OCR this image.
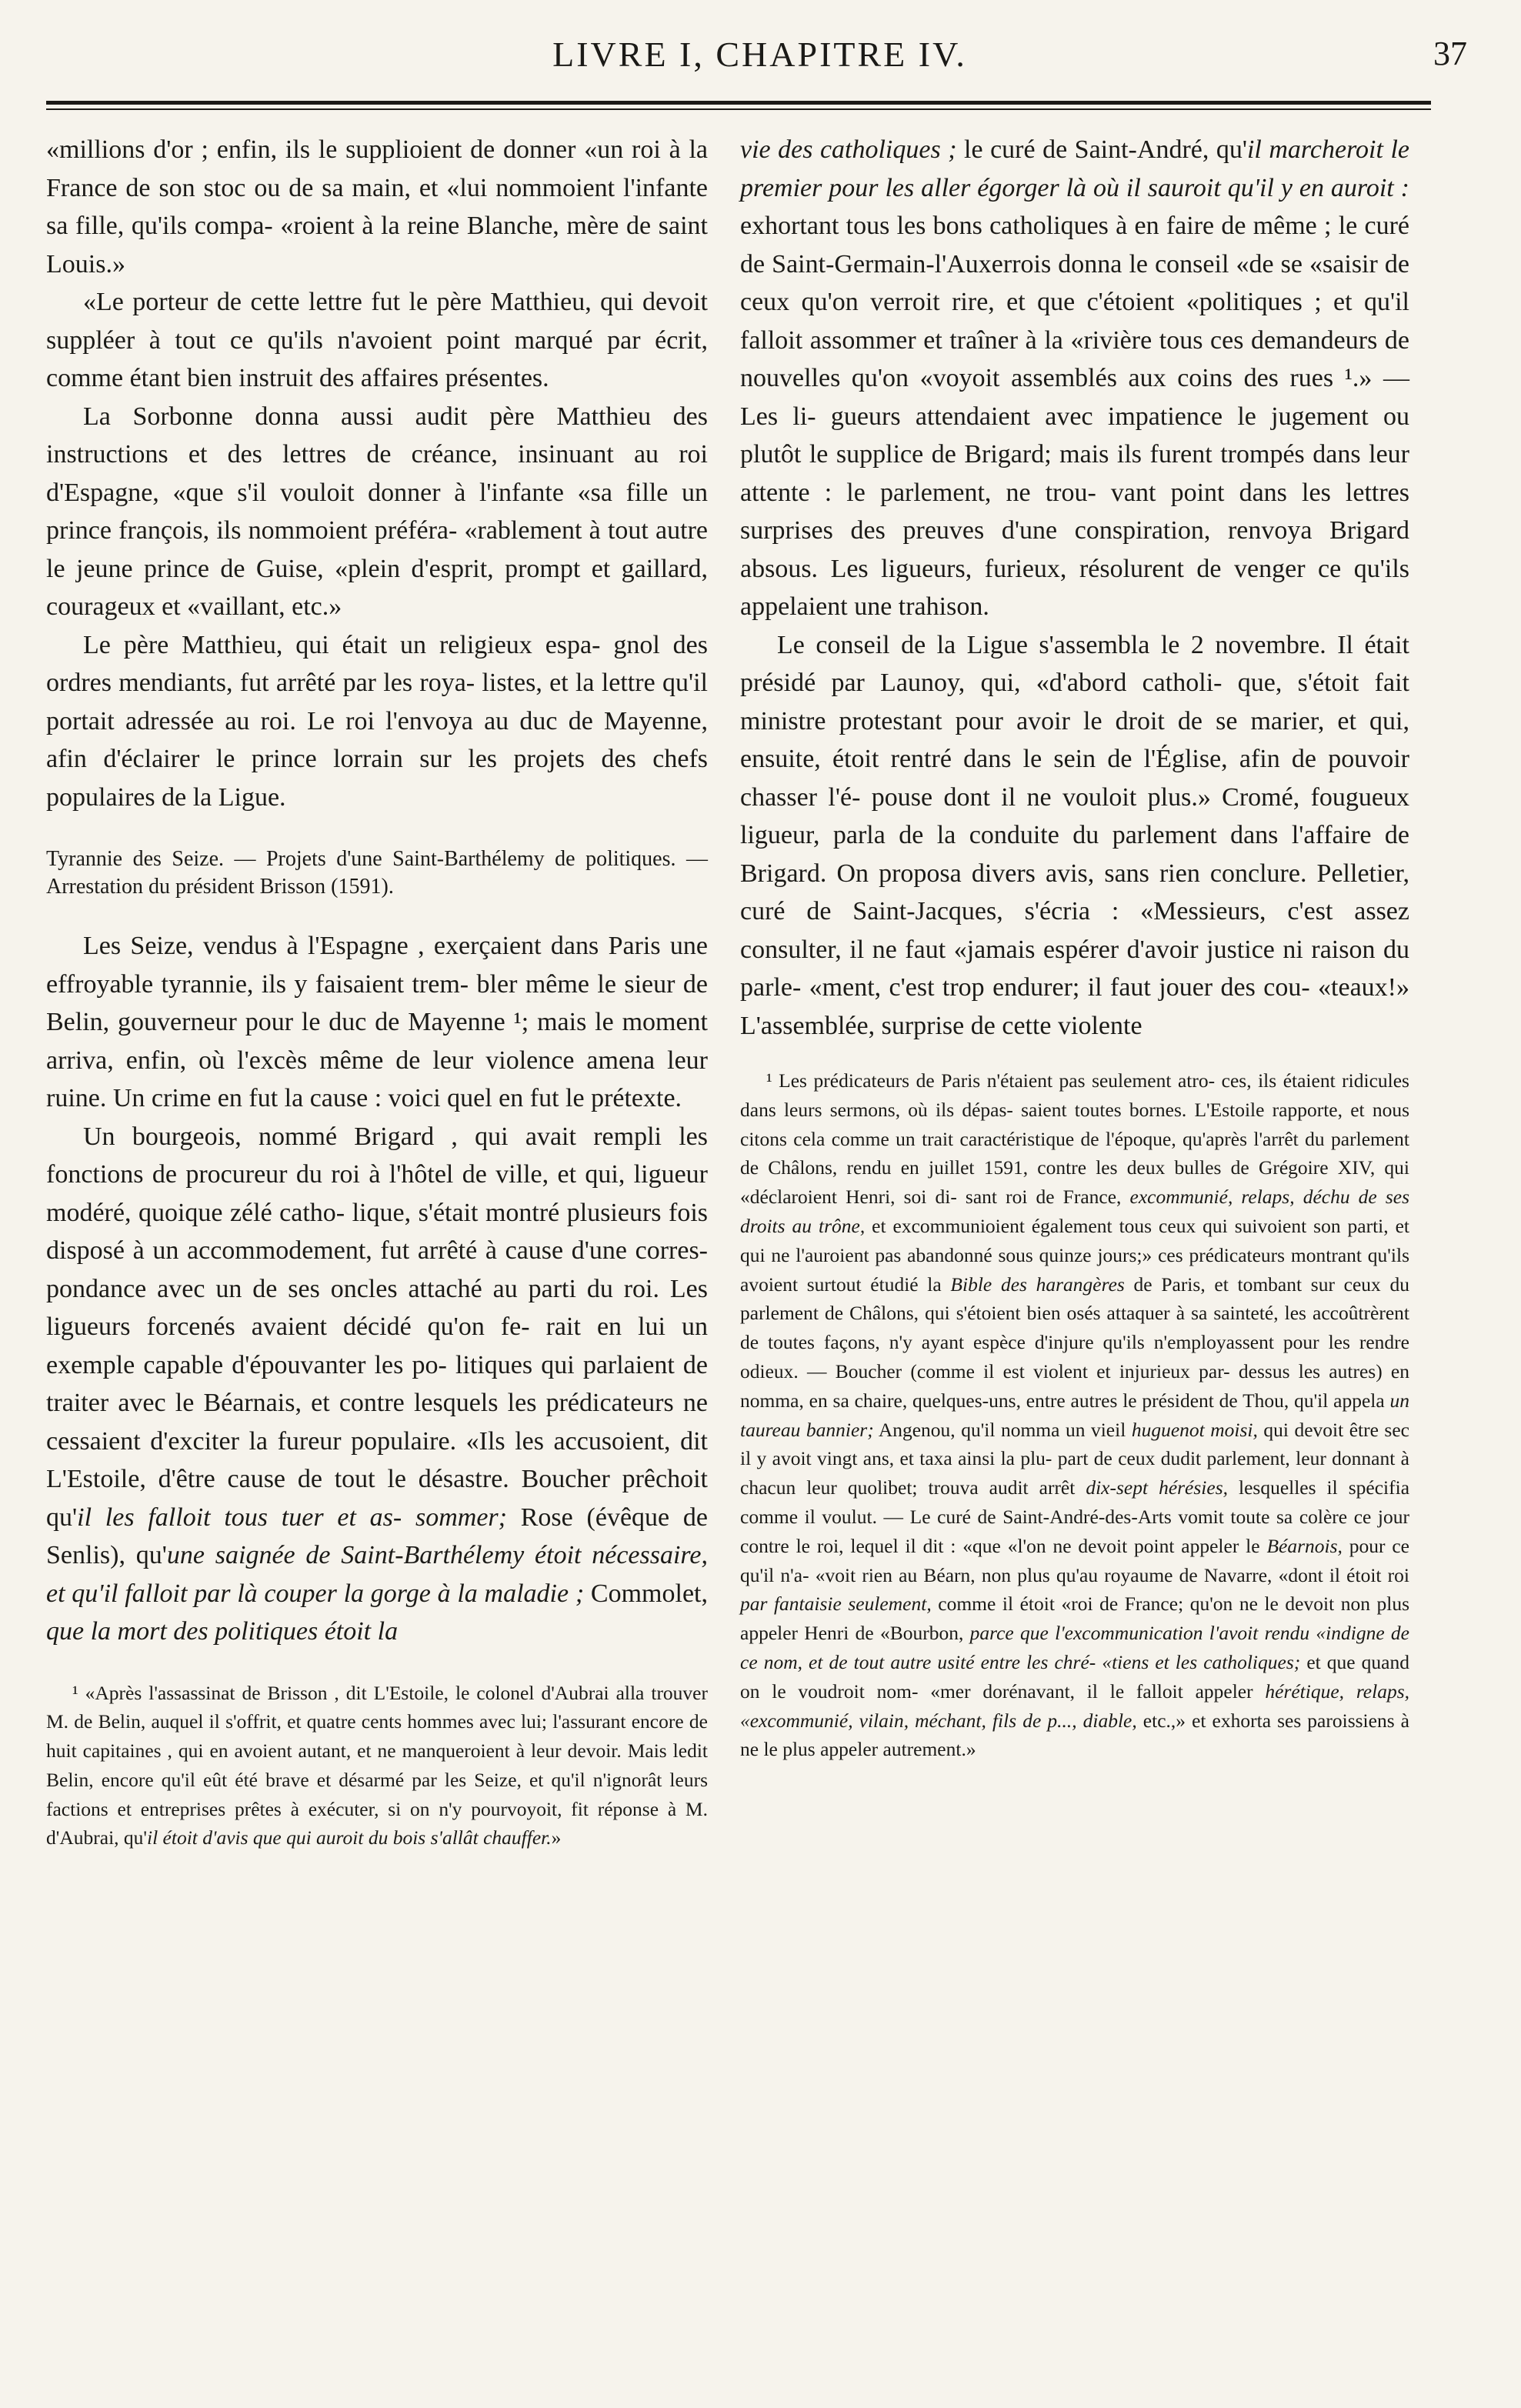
LIVRE I, CHAPITRE IV.	37

«millions d'or ; enfin, ils le supplioient de donner «un roi à la France de son stoc ou de sa main, et «lui nommoient l'infante sa fille, qu'ils compa- «roient à la reine Blanche, mère de saint Louis.»

«Le porteur de cette lettre fut le père Matthieu, qui devoit suppléer à tout ce qu'ils n'avoient point marqué par écrit, comme étant bien instruit des affaires présentes.

La Sorbonne donna aussi audit père Matthieu des instructions et des lettres de créance, insinuant au roi d'Espagne, «que s'il vouloit donner à l'infante «sa fille un prince françois, ils nommoient préféra- «rablement à tout autre le jeune prince de Guise, «plein d'esprit, prompt et gaillard, courageux et «vaillant, etc.»

Le père Matthieu, qui était un religieux espa- gnol des ordres mendiants, fut arrêté par les roya- listes, et la lettre qu'il portait adressée au roi. Le roi l'envoya au duc de Mayenne, afin d'éclairer le prince lorrain sur les projets des chefs populaires de la Ligue.

Tyrannie des Seize. — Projets d'une Saint-Barthélemy de politiques. — Arrestation du président Brisson (1591).

Les Seize, vendus à l'Espagne , exerçaient dans Paris une effroyable tyrannie, ils y faisaient trem- bler même le sieur de Belin, gouverneur pour le duc de Mayenne ¹; mais le moment arriva, enfin, où l'excès même de leur violence amena leur ruine. Un crime en fut la cause : voici quel en fut le prétexte.

Un bourgeois, nommé Brigard , qui avait rempli les fonctions de procureur du roi à l'hôtel de ville, et qui, ligueur modéré, quoique zélé catho- lique, s'était montré plusieurs fois disposé à un accommodement, fut arrêté à cause d'une corres- pondance avec un de ses oncles attaché au parti du roi. Les ligueurs forcenés avaient décidé qu'on fe- rait en lui un exemple capable d'épouvanter les po- litiques qui parlaient de traiter avec le Béarnais, et contre lesquels les prédicateurs ne cessaient d'exciter la fureur populaire. «Ils les accusoient, dit L'Estoile, d'être cause de tout le désastre. Boucher prêchoit qu'il les falloit tous tuer et as- sommer; Rose (évêque de Senlis), qu'une saignée de Saint-Barthélemy étoit nécessaire, et qu'il falloit par là couper la gorge à la maladie ; Commolet, que la mort des politiques étoit la

¹ «Après l'assassinat de Brisson , dit L'Estoile, le colonel d'Aubrai alla trouver M. de Belin, auquel il s'offrit, et quatre cents hommes avec lui; l'assurant encore de huit capitaines , qui en avoient autant, et ne manqueroient à leur devoir. Mais ledit Belin, encore qu'il eût été brave et désarmé par les Seize, et qu'il n'ignorât leurs factions et entreprises prêtes à exécuter, si on n'y pourvoyoit, fit réponse à M. d'Aubrai, qu'il étoit d'avis que qui auroit du bois s'allât chauffer.»

vie des catholiques ; le curé de Saint-André, qu'il marcheroit le premier pour les aller égorger là où il sauroit qu'il y en auroit : exhortant tous les bons catholiques à en faire de même ; le curé de Saint-Germain-l'Auxerrois donna le conseil «de se «saisir de ceux qu'on verroit rire, et que c'étoient «politiques ; et qu'il falloit assommer et traîner à la «rivière tous ces demandeurs de nouvelles qu'on «voyoit assemblés aux coins des rues ¹.» — Les li- gueurs attendaient avec impatience le jugement ou plutôt le supplice de Brigard; mais ils furent trompés dans leur attente : le parlement, ne trou- vant point dans les lettres surprises des preuves d'une conspiration, renvoya Brigard absous. Les ligueurs, furieux, résolurent de venger ce qu'ils appelaient une trahison.

Le conseil de la Ligue s'assembla le 2 novembre. Il était présidé par Launoy, qui, «d'abord catholi- que, s'étoit fait ministre protestant pour avoir le droit de se marier, et qui, ensuite, étoit rentré dans le sein de l'Église, afin de pouvoir chasser l'é- pouse dont il ne vouloit plus.» Cromé, fougueux ligueur, parla de la conduite du parlement dans l'affaire de Brigard. On proposa divers avis, sans rien conclure. Pelletier, curé de Saint-Jacques, s'écria : «Messieurs, c'est assez consulter, il ne faut «jamais espérer d'avoir justice ni raison du parle- «ment, c'est trop endurer; il faut jouer des cou- «teaux!» L'assemblée, surprise de cette violente

¹ Les prédicateurs de Paris n'étaient pas seulement atro- ces, ils étaient ridicules dans leurs sermons, où ils dépas- saient toutes bornes. L'Estoile rapporte, et nous citons cela comme un trait caractéristique de l'époque, qu'après l'arrêt du parlement de Châlons, rendu en juillet 1591, contre les deux bulles de Grégoire XIV, qui «déclaroient Henri, soi di- sant roi de France, excommunié, relaps, déchu de ses droits au trône, et excommunioient également tous ceux qui suivoient son parti, et qui ne l'auroient pas abandonné sous quinze jours;» ces prédicateurs montrant qu'ils avoient surtout étudié la Bible des harangères de Paris, et tombant sur ceux du parlement de Châlons, qui s'étoient bien osés attaquer à sa sainteté, les accoûtrèrent de toutes façons, n'y ayant espèce d'injure qu'ils n'employassent pour les rendre odieux. — Boucher (comme il est violent et injurieux par- dessus les autres) en nomma, en sa chaire, quelques-uns, entre autres le président de Thou, qu'il appela un taureau bannier; Angenou, qu'il nomma un vieil huguenot moisi, qui devoit être sec il y avoit vingt ans, et taxa ainsi la plu- part de ceux dudit parlement, leur donnant à chacun leur quolibet; trouva audit arrêt dix-sept hérésies, lesquelles il spécifia comme il voulut. — Le curé de Saint-André-des-Arts vomit toute sa colère ce jour contre le roi, lequel il dit : «que «l'on ne devoit point appeler le Béarnois, pour ce qu'il n'a- «voit rien au Béarn, non plus qu'au royaume de Navarre, «dont il étoit roi par fantaisie seulement, comme il étoit «roi de France; qu'on ne le devoit non plus appeler Henri de «Bourbon, parce que l'excommunication l'avoit rendu «indigne de ce nom, et de tout autre usité entre les chré- «tiens et les catholiques; et que quand on le voudroit nom- «mer dorénavant, il le falloit appeler hérétique, relaps, «excommunié, vilain, méchant, fils de p..., diable, etc.,» et exhorta ses paroissiens à ne le plus appeler autrement.»
